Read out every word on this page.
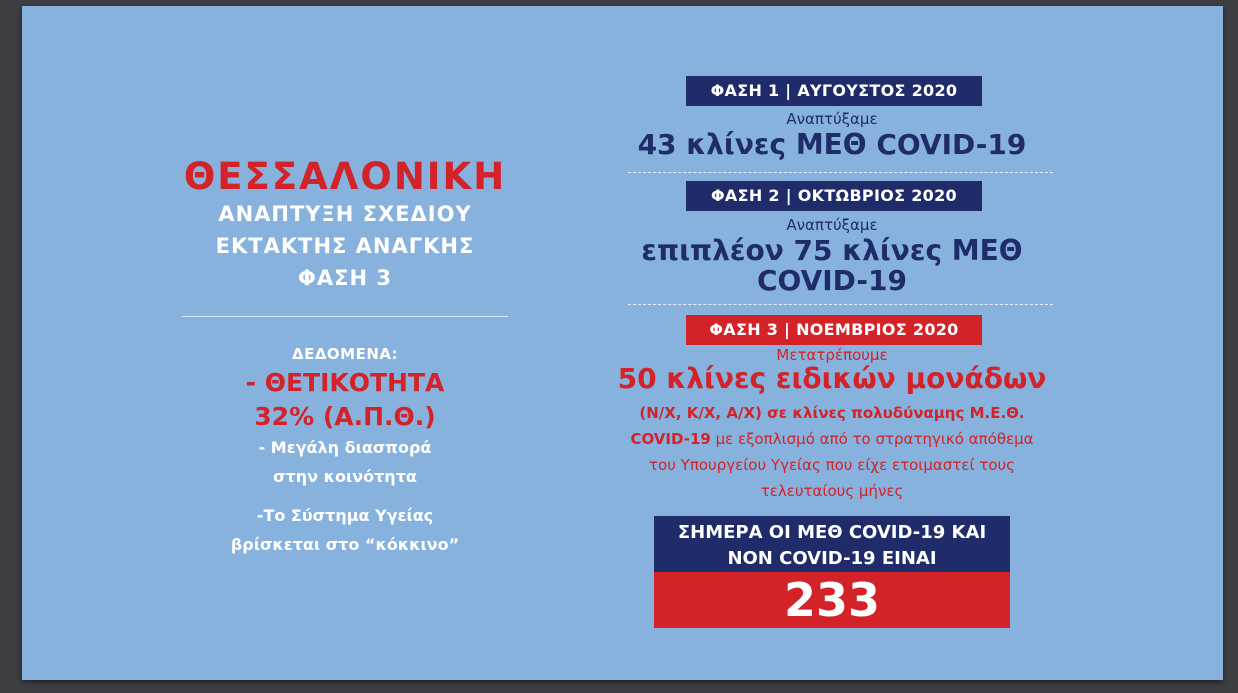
ΘΕΣΣΑΛΟΝΙΚΗ
ΑΝΑΠΤΥΞΗ ΣΧΕΔΙΟΥ
ΕΚΤΑΚΤΗΣ ΑΝΑΓΚΗΣ
ΦΑΣΗ 3
ΔΕΔΟΜΕΝΑ:
- ΘΕΤΙΚΟΤΗΤΑ
32% (Α.Π.Θ.)
- Μεγάλη διασπορά
στην κοινότητα
-Το Σύστημα Υγείας
βρίσκεται στο “κόκκινο”
ΦΑΣΗ 1 | ΑΥΓΟΥΣΤΟΣ 2020
Αναπτύξαμε
43 κλίνες ΜΕΘ COVID-19
ΦΑΣΗ 2 | ΟΚΤΩΒΡΙΟΣ 2020
Αναπτύξαμε
επιπλέον 75 κλίνες ΜΕΘ
COVID-19
ΦΑΣΗ 3 | ΝΟΕΜΒΡΙΟΣ 2020
Μετατρέπουμε
50 κλίνες ειδικών μονάδων
(Ν/Χ, Κ/Χ, Α/Χ) σε κλίνες πολυδύναμης Μ.Ε.Θ.
COVID-19 με εξοπλισμό από το στρατηγικό απόθεμα
του Υπουργείου Υγείας που είχε ετοιμαστεί τους
τελευταίους μήνες
ΣΗΜΕΡΑ ΟΙ ΜΕΘ COVID-19 ΚΑΙ
ΝΟΝ COVID-19 ΕΙΝΑΙ
233
